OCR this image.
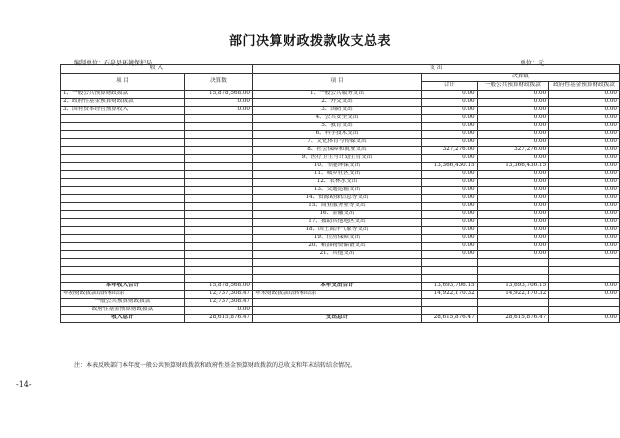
部门决算财政拨款收支总表
编制单位：石泉县环境保护局	单位：元
收 入		支 出			
项 目	决算数	项 目	决算数		
			合计	一般公共预算财政拨款	政府性基金预算财政拨款
1、一般公共预算财政拨款	15,878,568.00	1、一般公共服务支出	0.00	0.00	0.00
2、政府性基金预算财政拨款	0.00	2、外交支出	0.00	0.00	0.00
3、国有资本经营预算收入	0.00	3、国防支出	0.00	0.00	0.00
		4、公共安全支出	0.00	0.00	0.00
		5、教育支出	0.00	0.00	0.00
		6、科学技术支出	0.00	0.00	0.00
		7、文化体育与传媒支出	0.00	0.00	0.00
		8、社会保障和就业支出	327,276.00	327,276.00	0.00
		9、医疗卫生与计划生育支出	0.00	0.00	0.00
		10、节能环保支出	13,366,430.15	13,366,430.15	0.00
		11、城乡社区支出	0.00	0.00	0.00
		12、农林水支出	0.00	0.00	0.00
		13、交通运输支出	0.00	0.00	0.00
		14、资源勘探信息等支出	0.00	0.00	0.00
		15、商业服务业等支出	0.00	0.00	0.00
		16、金融支出	0.00	0.00	0.00
		17、援助其他地区支出	0.00	0.00	0.00
		18、国土海洋气象等支出	0.00	0.00	0.00
		19、住房保障支出	0.00	0.00	0.00
		20、粮油物资储备支出	0.00	0.00	0.00
		21、其他支出	0.00	0.00	0.00

本年收入合计	15,878,568.00	本年支出合计	13,693,706.15	13,693,706.15	0.00
年初财政拨款结转和结余	12,737,308.47	年末财政拨款结转和结余	14,922,170.32	14,922,170.32	0.00
一般公共预算财政拨款	12,737,308.47				
政府性基金预算财政拨款	0.00				
收入总计	28,615,876.47	支出总计	28,615,876.47	28,615,876.47	0.00
注：本表反映部门本年度一般公共预算财政拨款和政府性基金预算财政拨款的总收支和年末结转结余情况。
-14-
